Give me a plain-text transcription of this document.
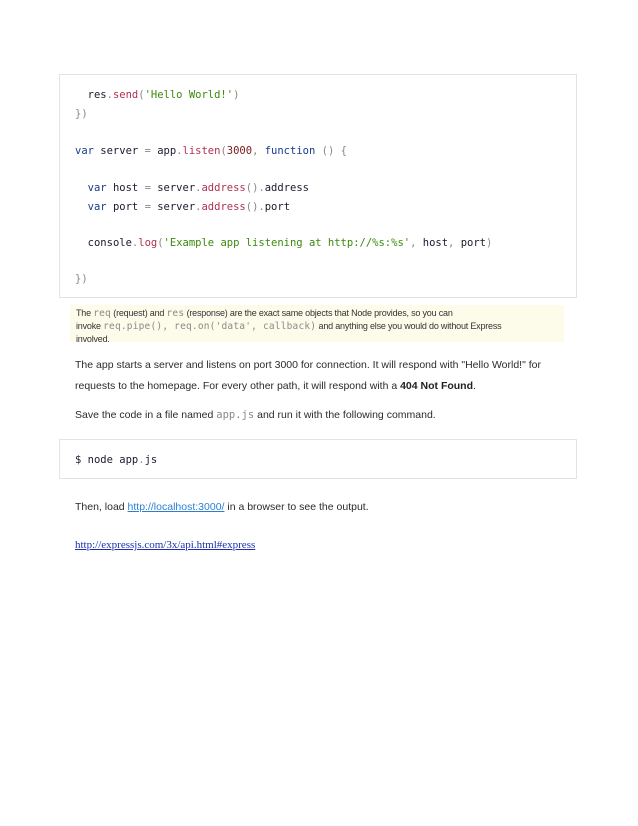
res.send('Hello World!')
})
var server = app.listen(3000, function () {
var host = server.address().address
var port = server.address().port
console.log('Example app listening at http://%s:%s', host, port)
})
The req (request) and res (response) are the exact same objects that Node provides, so you can
invoke req.pipe(), req.on('data', callback) and anything else you would do without Express
involved.
The app starts a server and listens on port 3000 for connection. It will respond with "Hello World!" for requests to the homepage. For every other path, it will respond with a 404 Not Found.
Save the code in a file named app.js and run it with the following command.
$ node app.js
Then, load http://localhost:3000/ in a browser to see the output.
http://expressjs.com/3x/api.html#express
